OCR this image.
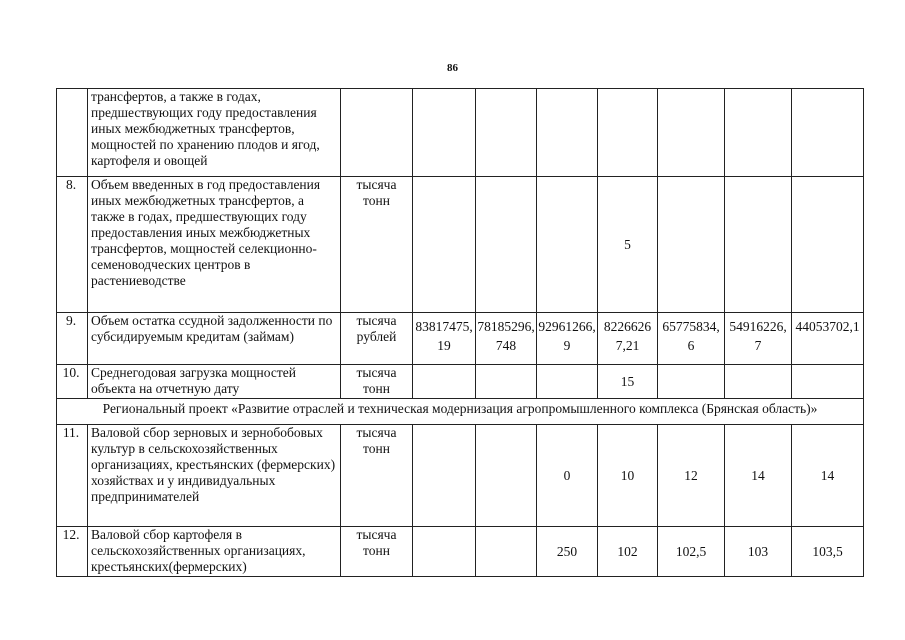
86
	трансфертов, а также в годах, предшествующих году предоставления иных межбюджетных трансфертов, мощностей по хранению плодов и ягод, картофеля и овощей								
8.	Объем введенных в год предоставления иных межбюджетных трансфертов, а также в годах, предшествующих году предоставления иных межбюджетных трансфертов, мощностей селекционно-семеноводческих центров в растениеводстве	тысяча тонн				5			
9.	Объем остатка ссудной задолженности по субсидируемым кредитам (займам)	тысяча рублей	83817475,19	78185296,748	92961266,9	82266267,21	65775834,6	54916226,7	44053702,1
10.	Среднегодовая загрузка мощностей объекта на отчетную дату	тысяча тонн				15			
Региональный проект «Развитие отраслей и техническая модернизация агропромышленного комплекса (Брянская область)»									
11.	Валовой сбор зерновых и зернобобовых культур в сельскохозяйственных организациях, крестьянских (фермерских) хозяйствах и у индивидуальных предпринимателей	тысяча тонн			0	10	12	14	14
12.	Валовой сбор картофеля в сельскохозяйственных организациях, крестьянских(фермерских)	тысяча тонн			250	102	102,5	103	103,5
